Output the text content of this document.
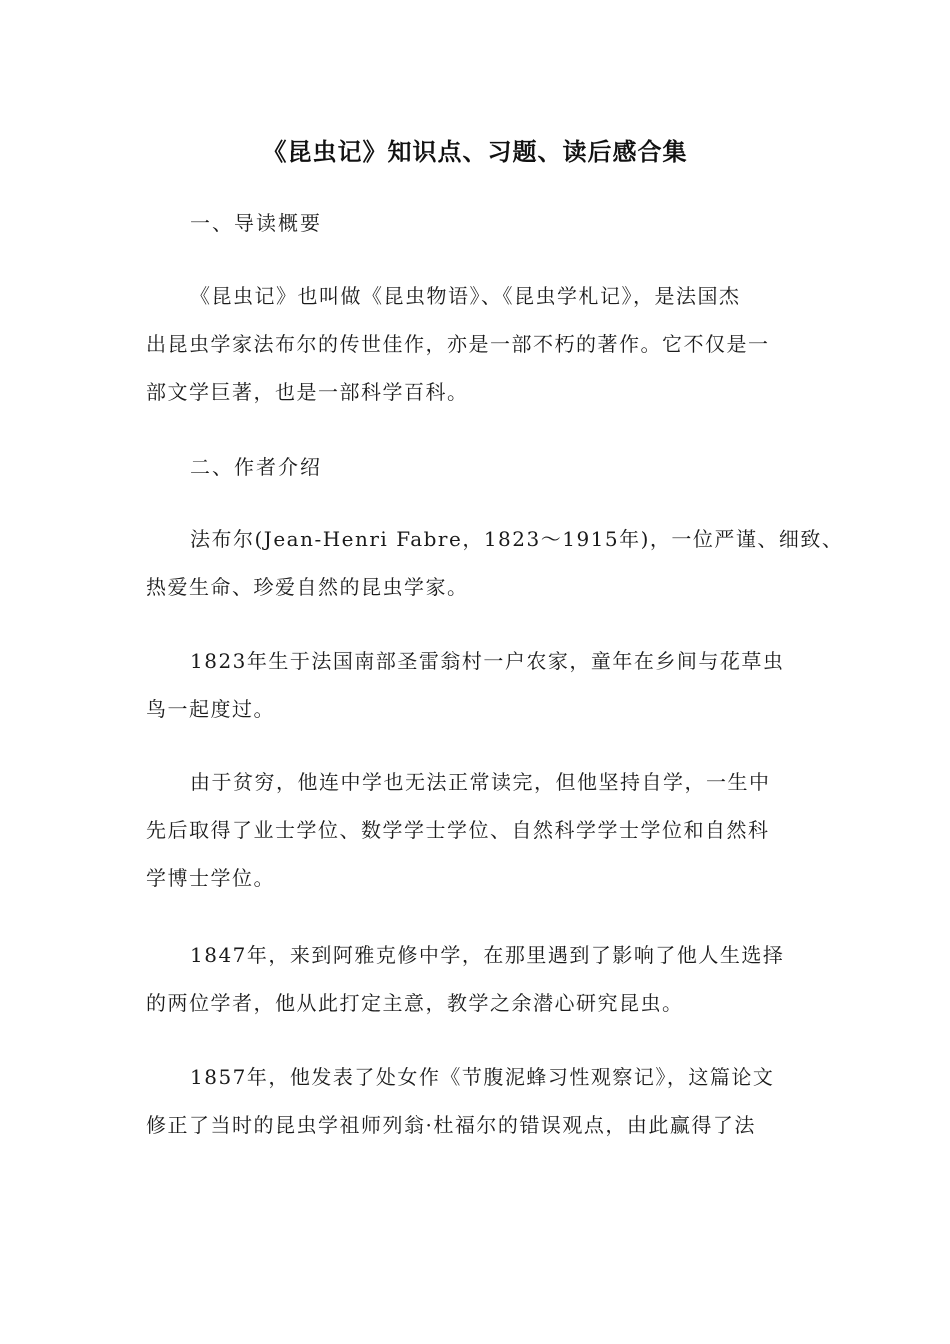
《昆虫记》知识点、习题、读后感合集
一、导读概要
《昆虫记》也叫做《昆虫物语》、《昆虫学札记》，是法国杰
出昆虫学家法布尔的传世佳作，亦是一部不朽的著作。它不仅是一
部文学巨著，也是一部科学百科。
二、作者介绍
法布尔(Jean-Henri Fabre，1823～1915年)，一位严谨、细致、
热爱生命、珍爱自然的昆虫学家。
1823年生于法国南部圣雷翁村一户农家，童年在乡间与花草虫
鸟一起度过。
由于贫穷，他连中学也无法正常读完，但他坚持自学，一生中
先后取得了业士学位、数学学士学位、自然科学学士学位和自然科
学博士学位。
1847年，来到阿雅克修中学，在那里遇到了影响了他人生选择
的两位学者，他从此打定主意，教学之余潜心研究昆虫。
1857年，他发表了处女作《节腹泥蜂习性观察记》，这篇论文
修正了当时的昆虫学祖师列翁·杜福尔的错误观点，由此赢得了法
